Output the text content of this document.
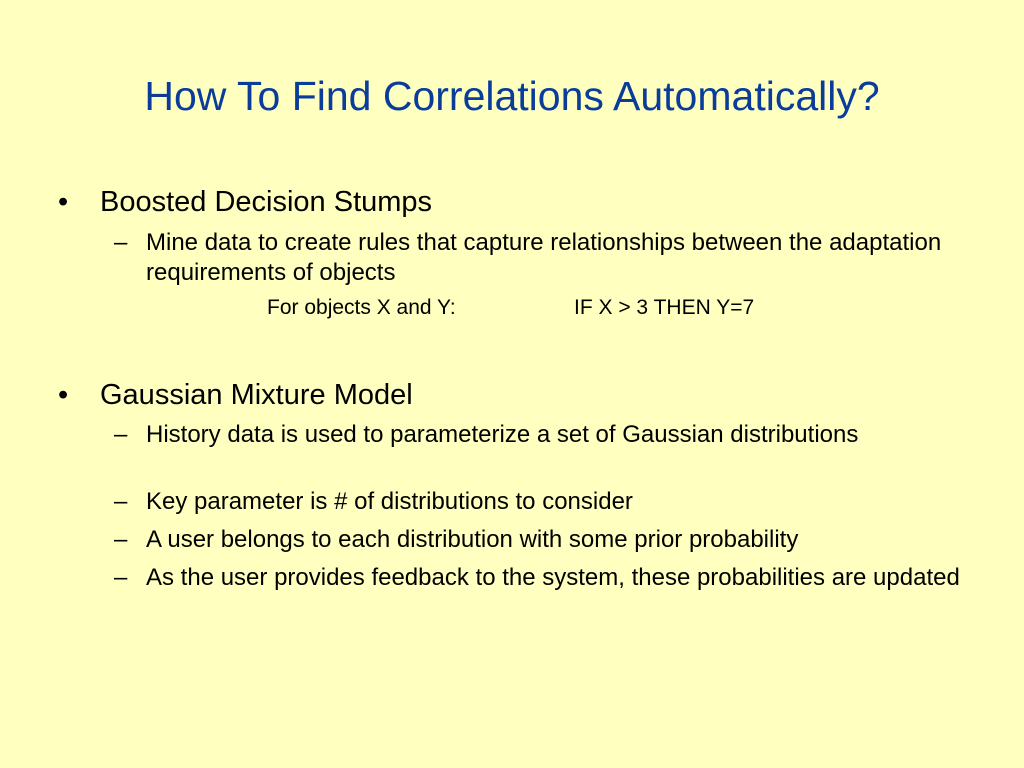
How To Find Correlations Automatically?
• Boosted Decision Stumps
– Mine data to create rules that capture relationships between the adaptation requirements of objects
For objects X and Y:	IF X > 3 THEN Y=7
• Gaussian Mixture Model
– History data is used to parameterize a set of Gaussian distributions
– Key parameter is # of distributions to consider
– A user belongs to each distribution with some prior probability
– As the user provides feedback to the system, these probabilities are updated
